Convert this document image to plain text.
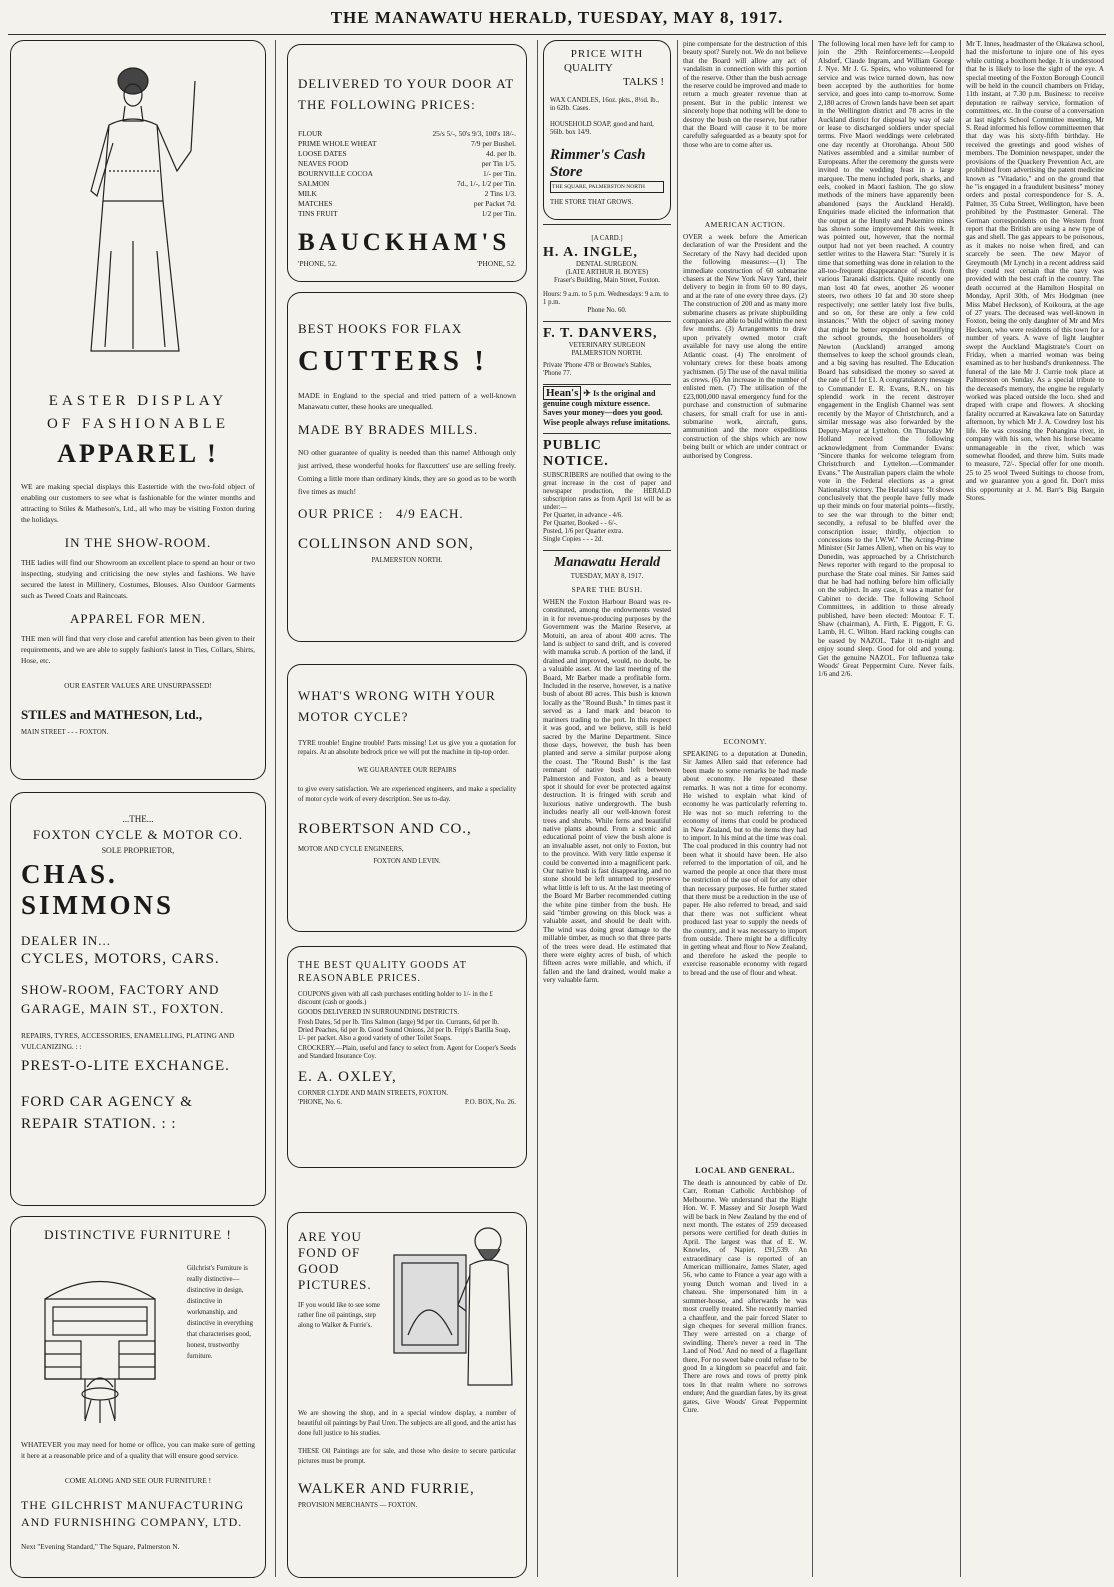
THE MANAWATU HERALD, TUESDAY, MAY 8, 1917.
EASTER DISPLAY
OF FASHIONABLE
APPAREL !
WE are making special displays this Eastertide with the two-fold object of enabling our customers to see what is fashionable for the winter months and attracting to Stiles & Matheson's, Ltd., all who may be visiting Foxton during the holidays.
IN THE SHOW-ROOM.
THE ladies will find our Showroom an excellent place to spend an hour or two inspecting, studying and criticising the new styles and fashions. We have secured the latest in Millinery, Costumes, Blouses. Also Outdoor Garments such as Tweed Coats and Raincoats.
APPAREL FOR MEN.
THE men will find that very close and careful attention has been given to their requirements, and we are able to supply fashion's latest in Ties, Collars, Shirts, Hose, etc.
OUR EASTER VALUES ARE UNSURPASSED!
STILES and MATHESON, Ltd.,
MAIN STREET - - - FOXTON.
...THE...
FOXTON CYCLE & MOTOR CO.
SOLE PROPRIETOR,
CHAS. SIMMONS
DEALER IN...
CYCLES, MOTORS, CARS.
SHOW-ROOM, FACTORY AND GARAGE, MAIN ST., FOXTON.
REPAIRS, TYRES, ACCESSORIES, ENAMELLING, PLATING AND VULCANIZING. : :
PREST-O-LITE EXCHANGE.
FORD CAR AGENCY & REPAIR STATION. : :
DISTINCTIVE FURNITURE !
Gilchrist's Furniture is really distinctive—distinctive in design, distinctive in workmanship, and distinctive in everything that characterises good, honest, trustworthy furniture.
WHATEVER you may need for home or office, you can make sure of getting it here at a reasonable price and of a quality that will ensure good service.
COME ALONG AND SEE OUR FURNITURE !
THE GILCHRIST MANUFACTURING AND FURNISHING COMPANY, LTD.
Next "Evening Standard," The Square, Palmerston N.
DELIVERED TO YOUR DOOR AT THE FOLLOWING PRICES:
FLOUR	25/s 5/-, 50's 9/3, 100's 18/-.
PRIME WHOLE WHEAT	7/9 per Bushel.
LOOSE DATES	4d. per lb.
NEAVES FOOD	per Tin 1/5.
BOURNVILLE COCOA	1/- per Tin.
SALMON	7d., 1/-, 1/2 per Tin.
MILK	2 Tins 1/3.
MATCHES	per Packet 7d.
TINS FRUIT	1/2 per Tin.
BAUCKHAM'S
'PHONE, 52.	'PHONE, 52.
BEST HOOKS FOR FLAX
CUTTERS !
MADE in England to the special and tried pattern of a well-known Manawatu cutter, these hooks are unequalled.
MADE BY BRADES MILLS.
NO other guarantee of quality is needed than this name! Although only just arrived, these wonderful hooks for flaxcutters' use are selling freely. Coming a little more than ordinary kinds, they are so good as to be worth five times as much!
OUR PRICE : 4/9 EACH.
COLLINSON AND SON,
PALMERSTON NORTH.
WHAT'S WRONG WITH YOUR MOTOR CYCLE?
TYRE trouble! Engine trouble! Parts missing! Let us give you a quotation for repairs. At an absolute bedrock price we will put the machine in tip-top order.
WE GUARANTEE OUR REPAIRS
to give every satisfaction. We are experienced engineers, and make a speciality of motor cycle work of every description. See us to-day.
ROBERTSON AND CO.,
MOTOR AND CYCLE ENGINEERS,
FOXTON AND LEVIN.
THE BEST QUALITY GOODS AT REASONABLE PRICES.
COUPONS given with all cash purchases entitling holder to 1/- in the £ discount (cash or goods.)
GOODS DELIVERED IN SURROUNDING DISTRICTS.
Fresh Dates, 5d per lb. Tins Salmon (large) 9d per tin. Currants, 6d per lb. Dried Peaches, 6d per lb. Good Sound Onions, 2d per lb. Fripp's Barilla Soap, 1/- per packet. Also a good variety of other Toilet Soaps.
CROCKERY.—Plain, useful and fancy to select from. Agent for Cooper's Seeds and Standard Insurance Coy.
E. A. OXLEY,
CORNER CLYDE AND MAIN STREETS, FOXTON.
'PHONE, No. 6.	P.O. BOX, No. 26.
ARE YOU
FOND OF
GOOD
PICTURES.
IF you would like to see some rather fine oil paintings, step along to Walker & Furrie's.
We are showing the shop, and in a special window display, a number of beautiful oil paintings by Paul Uren. The subjects are all good, and the artist has done full justice to his studies.
THESE Oil Paintings are for sale, and those who desire to secure particular pictures must be prompt.
WALKER AND FURRIE,
PROVISION MERCHANTS — FOXTON.
PRICE WITH
QUALITY
TALKS !
WAX CANDLES, 16oz. pkts., 8½d. lb., in 62lb. Cases.
HOUSEHOLD SOAP, good and hard, 56lb. box 14/9.
Rimmer's Cash Store
THE SQUARE, PALMERSTON NORTH
THE STORE THAT GROWS.
[A CARD.]
H. A. INGLE,
DENTAL SURGEON.
(LATE ARTHUR H. BOYES)
Fraser's Building, Main Street, Foxton.
Hours: 9 a.m. to 5 p.m. Wednesdays: 9 a.m. to 1 p.m.
Phone No. 60.
F. T. DANVERS,
VETERINARY SURGEON
PALMERSTON NORTH.
Private 'Phone 478 or Browne's Stables, 'Phone 77.
Hean's ✈ Is the original and genuine cough mixture essence. Saves your money—does you good. Wise people always refuse imitations.
PUBLIC NOTICE.
SUBSCRIBERS are notified that owing to the great increase in the cost of paper and newspaper production, the HERALD subscription rates as from April 1st will be as under:—
Per Quarter, in advance - 4/6.
Per Quarter, Booked - - 6/-.
Posted, 1/6 per Quarter extra.
Single Copies - - - 2d.
Manawatu Herald
TUESDAY, MAY 8, 1917.
SPARE THE BUSH.
WHEN the Foxton Harbour Board was re-constituted, among the endowments vested in it for revenue-producing purposes by the Government was the Marine Reserve, at Motuiti, an area of about 400 acres. The land is subject to sand drift, and is covered with manuka scrub. A portion of the land, if drained and improved, would, no doubt, be a valuable asset. At the last meeting of the Board, Mr Barber made a profitable form. Included in the reserve, however, is a native bush of about 80 acres. This bush is known locally as the "Round Bush." In times past it served as a land mark and beacon to mariners trading to the port. In this respect it was good, and we believe, still is held sacred by the Marine Department. Since those days, however, the bush has been planted and serve a similar purpose along the coast. The "Round Bush" is the last remnant of native bush left between Palmerston and Foxton, and as a beauty spot it should for ever be protected against destruction. It is fringed with scrub and luxurious native undergrowth. The bush includes nearly all our well-known forest trees and shrubs. While ferns and beautiful native plants abound. From a scenic and educational point of view the bush alone is an invaluable asset, not only to Foxton, but to the province. With very little expense it could be converted into a magnificent park. Our native bush is fast disappearing, and no stone should be left unturned to preserve what little is left to us. At the last meeting of the Board Mr Barber recommended cutting the white pine timber from the bush. He said "timber growing on this block was a valuable asset, and should be dealt with. The wind was doing great damage to the millable timber, as much so that three parts of the trees were dead. He estimated that there were eighty acres of bush, of which fifteen acres were millable, and which, if fallen and the land drained, would make a very valuable farm.
pine compensate for the destruction of this beauty spot? Surely not. We do not believe that the Board will allow any act of vandalism in connection with this portion of the reserve. Other than the bush acreage the reserve could be improved and made to return a much greater revenue than at present. But in the public interest we sincerely hope that nothing will be done to destroy the bush on the reserve, but rather that the Board will cause it to be more carefully safeguarded as a beauty spot for those who are to come after us.
AMERICAN ACTION.
OVER a week before the American declaration of war the President and the Secretary of the Navy had decided upon the following measures:—(1) The immediate construction of 60 submarine chasers at the New York Navy Yard, their delivery to begin in from 60 to 80 days, and at the rate of one every three days. (2) The construction of 200 and as many more submarine chasers as private shipbuilding companies are able to build within the next few months. (3) Arrangements to draw upon privately owned motor craft available for navy use along the entire Atlantic coast. (4) The enrolment of voluntary crews for these boats among yachtsmen. (5) The use of the naval militia as crews. (6) An increase in the number of enlisted men. (7) The utilisation of the £23,000,000 naval emergency fund for the purchase and construction of submarine chasers, for small craft for use in anti-submarine work, aircraft, guns, ammunition and the more expeditious construction of the ships which are now being built or which are under contract or authorised by Congress.
ECONOMY.
SPEAKING to a deputation at Dunedin, Sir James Allen said that reference had been made to some remarks he had made about economy. He repeated these remarks. It was not a time for economy. He wished to explain what kind of economy he was particularly referring to. He was not so much referring to the economy of items that could be produced in New Zealand, but to the items they had to import. In his mind at the time was coal. The coal produced in this country had not been what it should have been. He also referred to the importation of oil, and he warned the people at once that there must be restriction of the use of oil for any other than necessary purposes. He further stated that there must be a reduction in the use of paper. He also referred to bread, and said that there was not sufficient wheat produced last year to supply the needs of the country, and it was necessary to import from outside. There might be a difficulty in getting wheat and flour to New Zealand, and therefore he asked the people to exercise reasonable economy with regard to bread and the use of flour and wheat.
LOCAL AND GENERAL.
The death is announced by cable of Dr. Carr, Roman Catholic Archbishop of Melbourne. We understand that the Right Hon. W. F. Massey and Sir Joseph Ward will be back in New Zealand by the end of next month. The estates of 259 deceased persons were certified for death duties in April. The largest was that of E. W. Knowles, of Napier, £91,539. An extraordinary case is reported of an American millionaire, James Slater, aged 56, who came to France a year ago with a young Dutch woman and lived in a chateau. She impersonated him in a summer-house, and afterwards he was most cruelly treated. She recently married a chauffeur, and the pair forced Slater to sign cheques for several million francs. They were arrested on a charge of swindling. There's never a reed in 'The Land of Nod.' And no need of a flagellant there, For no sweet babe could refuse to be good In a kingdom so peaceful and fair. There are rows and rows of pretty pink toes In that realm where no sorrows endure; And the guardian fates, by its great gates, Give Woods' Great Peppermint Cure.
The following local men have left for camp to join the 29th Reinforcements:—Leopold Alsdorf, Claude Ingram, and William George J. Nye. Mr J. G. Speirs, who volunteered for service and was twice turned down, has now been accepted by the authorities for home service, and goes into camp to-morrow. Some 2,180 acres of Crown lands have been set apart in the Wellington district and 78 acres in the Auckland district for disposal by way of sale or lease to discharged soldiers under special terms. Five Maori weddings were celebrated one day recently at Otorohanga. About 500 Natives assembled and a similar number of Europeans. After the ceremony the guests were invited to the wedding feast in a large marquee. The menu included pork, sharks, and eels, cooked in Maori fashion. The go slow methods of the miners have apparently been abandoned (says the Auckland Herald). Enquiries made elicited the information that the output at the Huntly and Pukemiro mines has shown some improvement this week. It was pointed out, however, that the normal output had not yet been reached. A country settler writes to the Hawera Star: "Surely it is time that something was done in relation to the all-too-frequent disappearance of stock from various Taranaki districts. Quite recently one man lost 40 fat ewes, another 26 wooner steers, two others 10 fat and 30 store sheep respectively; one settler lately lost five bulls, and so on, for these are only a few cold instances." With the object of saving money that might be better expended on beautifying the school grounds, the householders of Newton (Auckland) arranged among themselves to keep the school grounds clean, and a big saving has resulted. The Education Board has subsidised the money so saved at the rate of £1 for £1. A congratulatory message to Commander E. R. Evans, R.N., on his splendid work in the recent destroyer engagement in the English Channel was sent recently by the Mayor of Christchurch, and a similar message was also forwarded by the Deputy-Mayor at Lyttelton. On Thursday Mr Holland received the following acknowledgment from Commander Evans: "Sincere thanks for welcome telegram from Christchurch and Lyttelton.—Commander Evans." The Australian papers claim the whole vote in the Federal elections as a great Nationalist victory. The Herald says: "It shows conclusively that the people have fully made up their minds on four material points—firstly, to see the war through to the bitter end; secondly, a refusal to be bluffed over the conscription issue; thirdly, objection to concessions to the I.W.W." The Acting-Prime Minister (Sir James Allen), when on his way to Dunedin, was approached by a Christchurch News reporter with regard to the proposal to purchase the State coal mines. Sir James said that he had had nothing before him officially on the subject. In any case, it was a matter for Cabinet to decide. The following School Committees, in addition to those already published, have been elected: Moutoa: F. T. Shaw (chairman), A. Firth, E. Piggott, F. G. Lamb, H. C. Wilton. Hard racking coughs can be eased by NAZOL. Take it to-night and enjoy sound sleep. Good for old and young. Get the genuine NAZOL. For Influenza take Woods' Great Peppermint Cure. Never fails. 1/6 and 2/6.
Mr T. Innes, headmaster of the Okaiawa school, had the misfortune to injure one of his eyes while cutting a boxthorn hedge. It is understood that he is likely to lose the sight of the eye. A special meeting of the Foxton Borough Council will be held in the council chambers on Friday, 11th instant, at 7.30 p.m. Business: to receive deputation re railway service, formation of committees, etc. In the course of a conversation at last night's School Committee meeting, Mr S. Read informed his fellow committeemen that that day was his sixty-fifth birthday. He received the greetings and good wishes of members. The Dominion newspaper, under the provisions of the Quackery Prevention Act, are prohibited from advertising the patent medicine known as "Vitadatio," and on the ground that he "is engaged in a fraudulent business" money orders and postal correspondence for S. A. Palmer, 35 Cuba Street, Wellington, have been prohibited by the Postmaster General. The German correspondents on the Western front report that the British are using a new type of gas and shell. The gas appears to be poisonous, as it makes no noise when fired, and can scarcely be seen. The new Mayor of Greymouth (Mr Lynch) in a recent address said they could rest certain that the navy was provided with the best craft in the country. The death occurred at the Hamilton Hospital on Monday, April 30th, of Mrs Hodgman (nee Miss Mabel Heckson), of Koikoura, at the age of 27 years. The deceased was well-known in Foxton, being the only daughter of Mr and Mrs Heckson, who were residents of this town for a number of years. A wave of light laughter swept the Auckland Magistrate's Court on Friday, when a married woman was being examined as to her husband's drunkenness. The funeral of the late Mr J. Currie took place at Palmerston on Sunday. As a special tribute to the deceased's memory, the engine he regularly worked was placed outside the loco. shed and draped with crape and flowers. A shocking fatality occurred at Kawakawa late on Saturday afternoon, by which Mr J. A. Cowdrey lost his life. He was crossing the Pohangina river, in company with his son, when his horse became unmanageable in the river, which was somewhat flooded, and threw him. Suits made to measure, 72/-. Special offer for one month. 25 to 25 wool Tweed Suitings to choose from, and we guarantee you a good fit. Don't miss this opportunity at J. M. Barr's Big Bargain Stores.
